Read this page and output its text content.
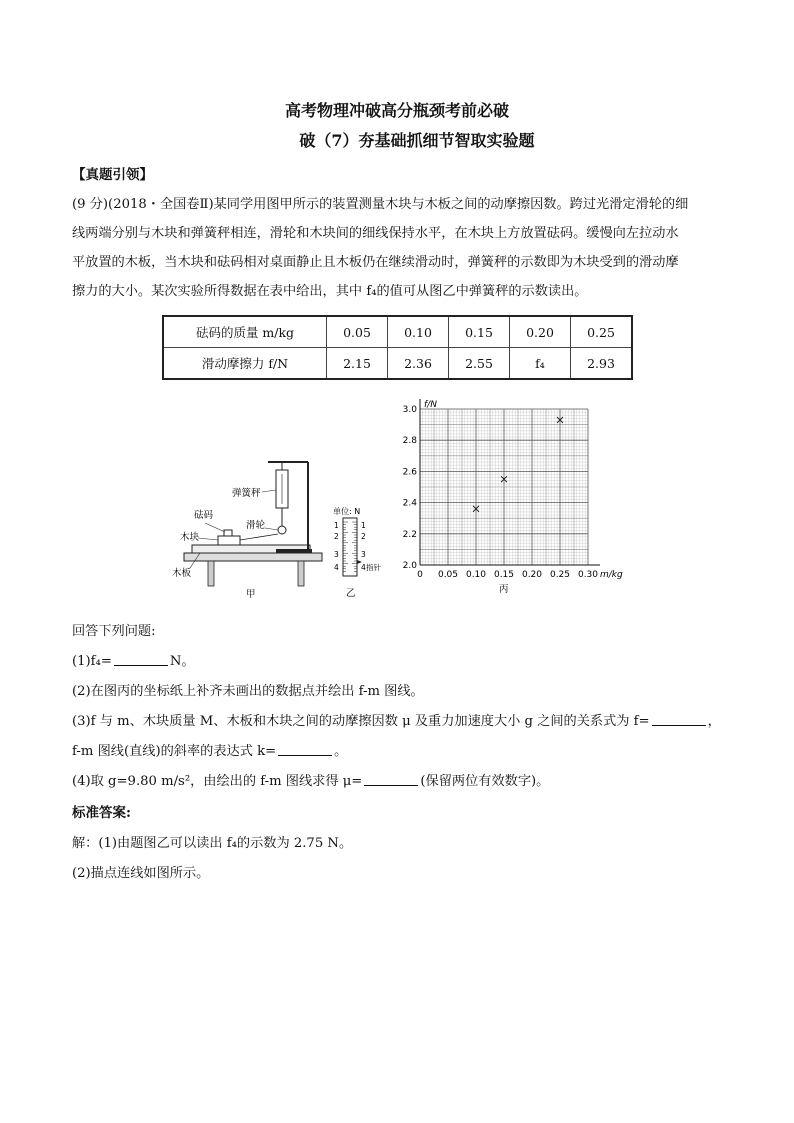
高考物理冲破高分瓶颈考前必破
破（7）夯基础抓细节智取实验题
【真题引领】
(9 分)(2018・全国卷Ⅱ)某同学用图甲所示的装置测量木块与木板之间的动摩擦因数。跨过光滑定滑轮的细
线两端分别与木块和弹簧秤相连，滑轮和木块间的细线保持水平，在木块上方放置砝码。缓慢向左拉动水
平放置的木板，当木块和砝码相对桌面静止且木板仍在继续滑动时，弹簧秤的示数即为木块受到的滑动摩
擦力的大小。某次实验所得数据在表中给出，其中 f₄的值可从图乙中弹簧秤的示数读出。
砝码的质量 m/kg	0.05	0.10	0.15	0.20	0.25
滑动摩擦力 f/N	2.15	2.36	2.55	f₄	2.93
弹簧秤
砝码
木块
滑轮
木板
甲
单位: N
1
2
3
4
1
2
3
4 指针
乙
0 0.05 0.10 0.15 0.20 0.25 0.30
2.0
2.2
2.4
2.6
2.8
3.0 f/N
m/kg
丙
回答下列问题:
(1)f₄=	N。
(2)在图丙的坐标纸上补齐未画出的数据点并绘出 f-m 图线。
(3)f 与 m、木块质量 M、木板和木块之间的动摩擦因数 μ 及重力加速度大小 g 之间的关系式为 f=	，
f-m 图线(直线)的斜率的表达式 k=	。
(4)取 g=9.80 m/s²，由绘出的 f-m 图线求得 μ=	(保留两位有效数字)。
标准答案:
解：(1)由题图乙可以读出 f₄的示数为 2.75 N。
(2)描点连线如图所示。
